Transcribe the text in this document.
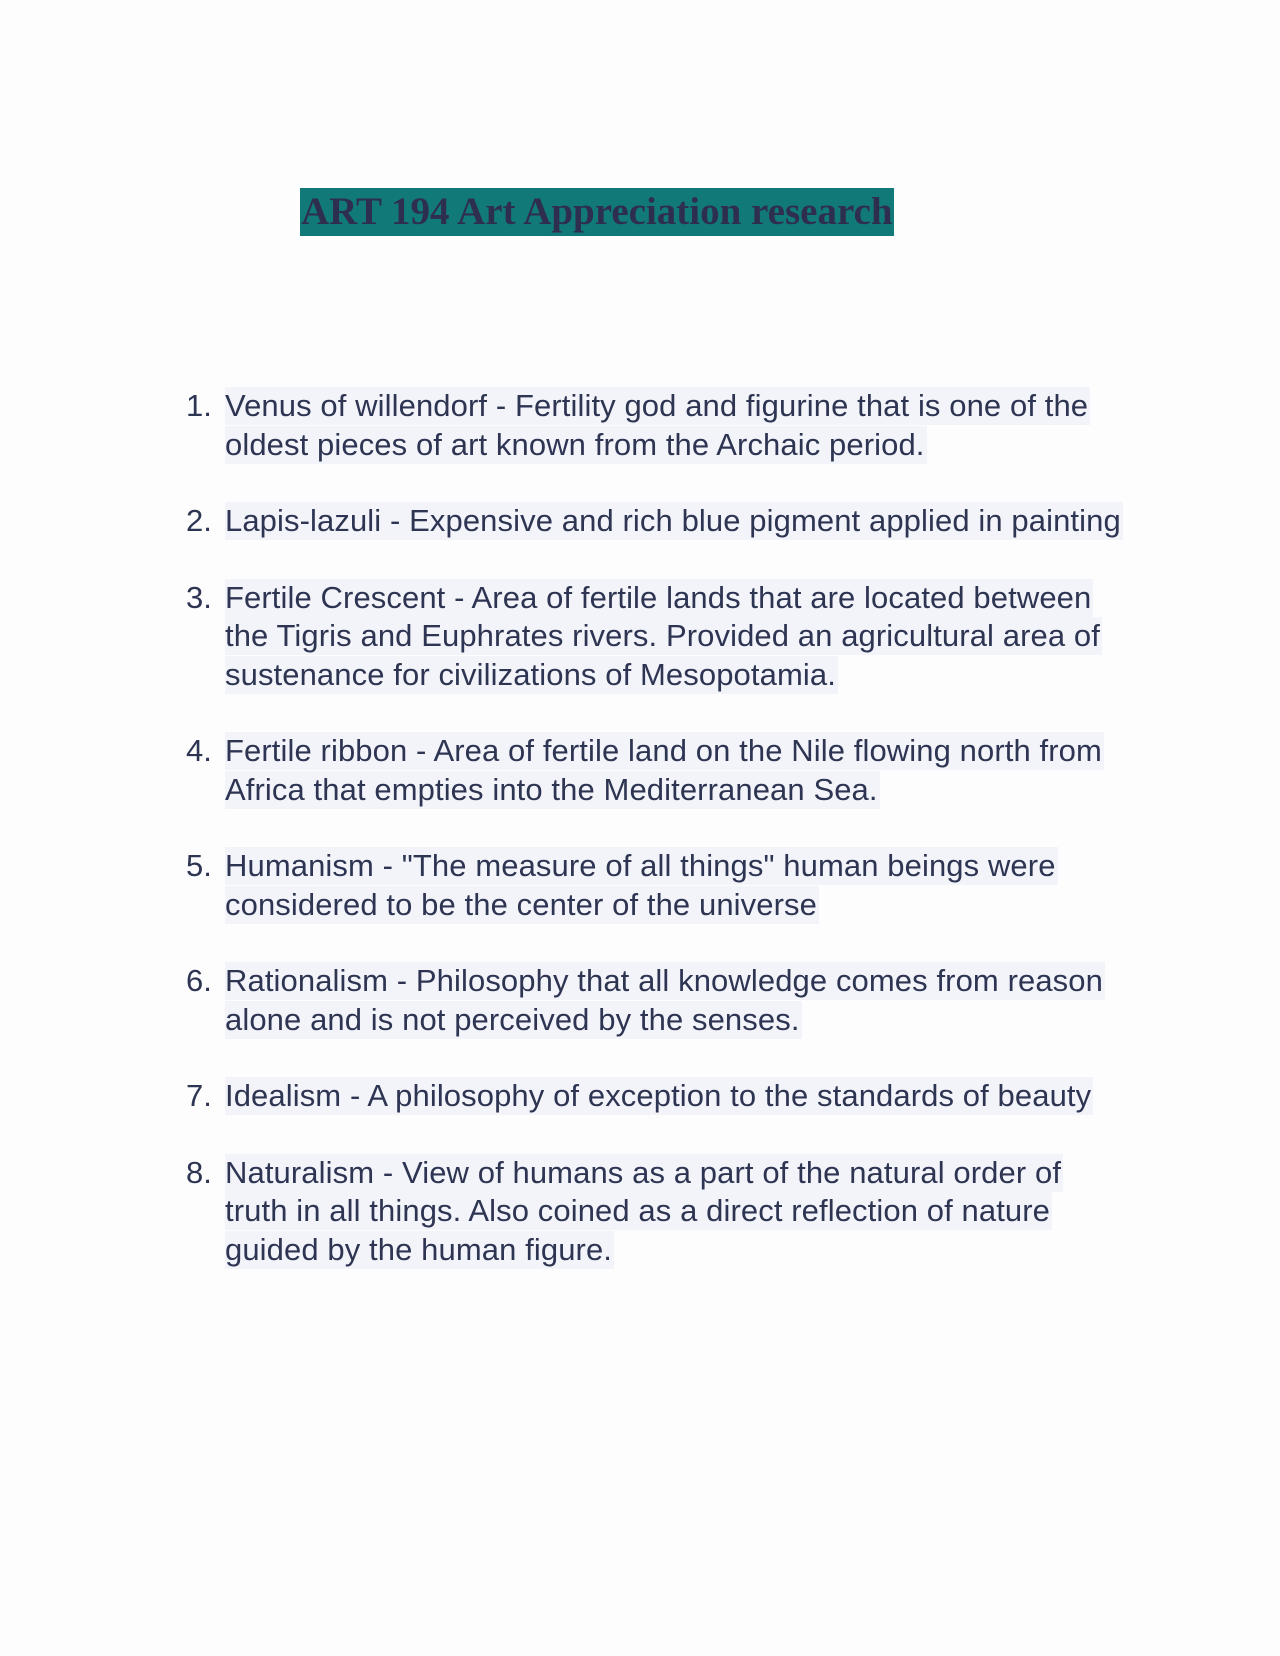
ART 194 Art Appreciation research
1. Venus of willendorf - Fertility god and figurine that is one of the oldest pieces of art known from the Archaic period.
2. Lapis-lazuli - Expensive and rich blue pigment applied in painting
3. Fertile Crescent - Area of fertile lands that are located between the Tigris and Euphrates rivers. Provided an agricultural area of sustenance for civilizations of Mesopotamia.
4. Fertile ribbon - Area of fertile land on the Nile flowing north from Africa that empties into the Mediterranean Sea.
5. Humanism - "The measure of all things" human beings were considered to be the center of the universe
6. Rationalism - Philosophy that all knowledge comes from reason alone and is not perceived by the senses.
7. Idealism - A philosophy of exception to the standards of beauty
8. Naturalism - View of humans as a part of the natural order of truth in all things. Also coined as a direct reflection of nature guided by the human figure.
